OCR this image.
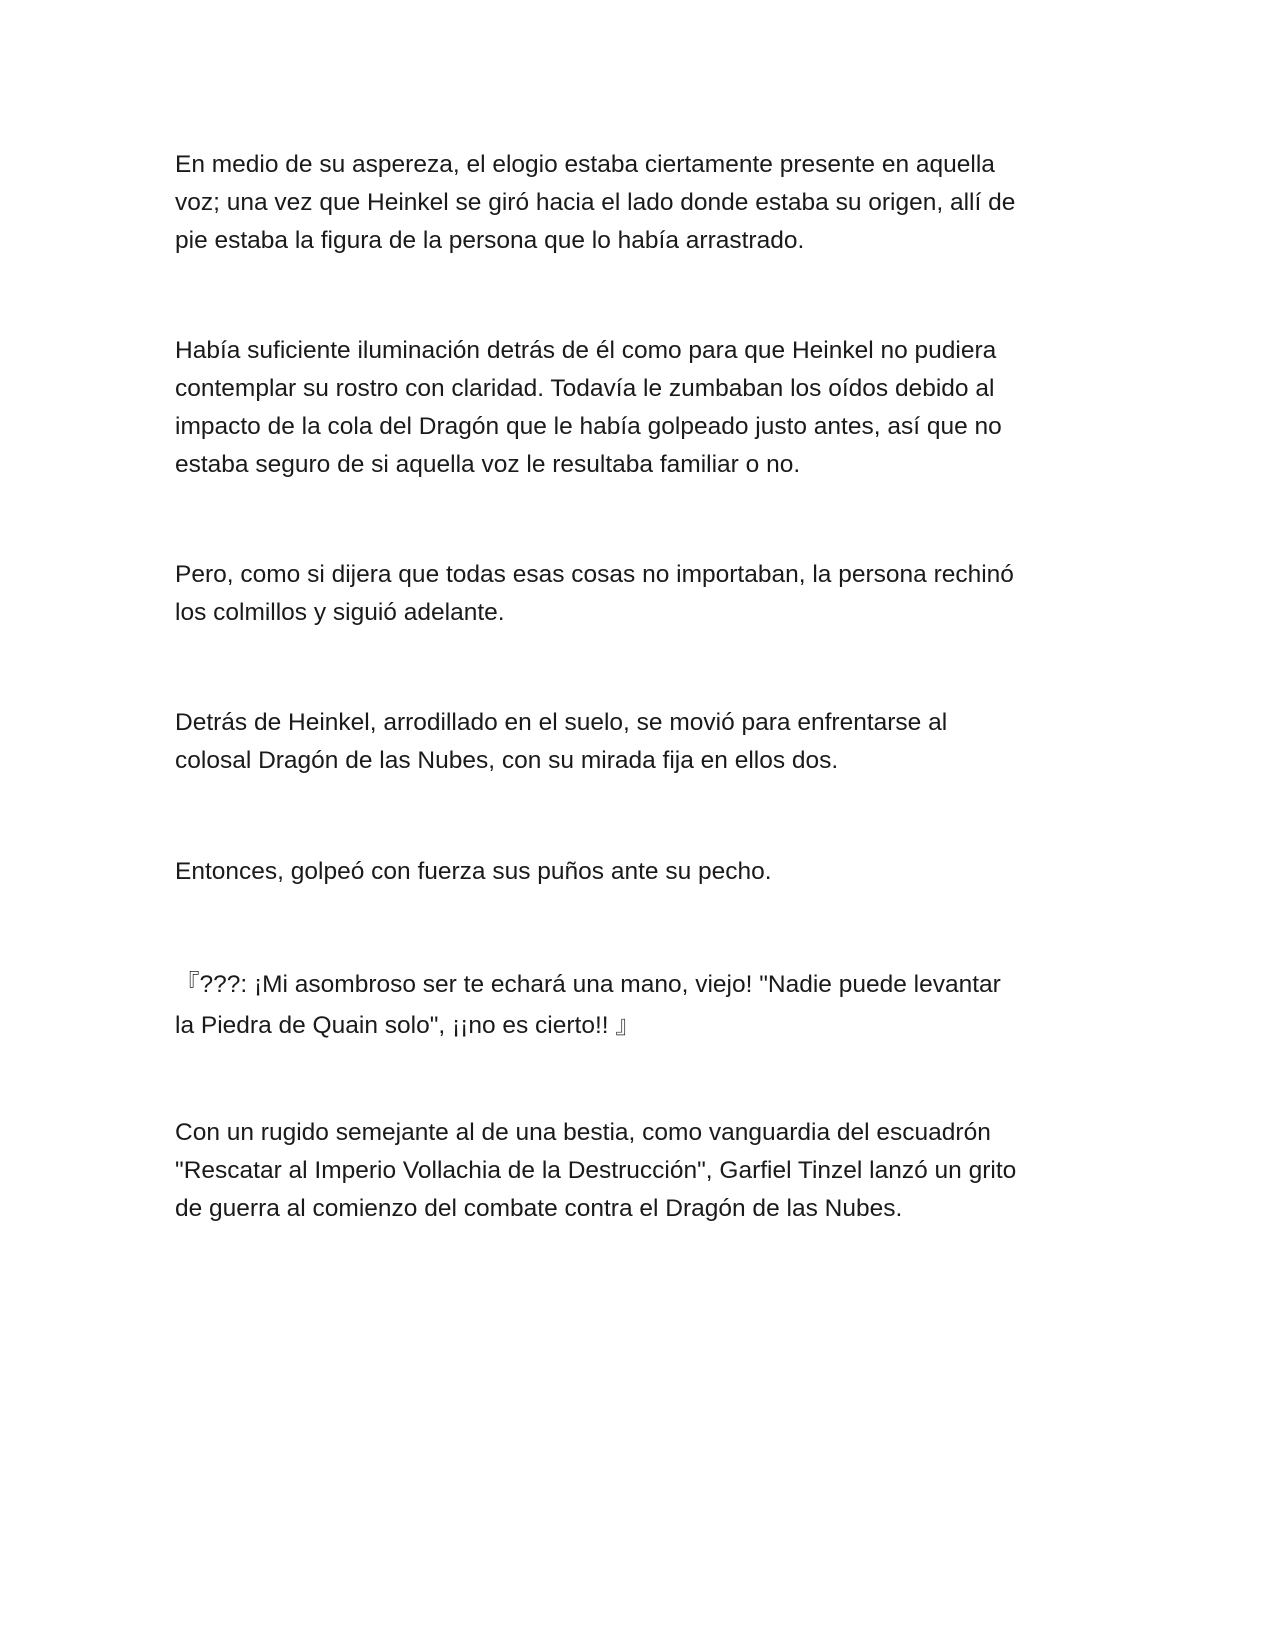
En medio de su aspereza, el elogio estaba ciertamente presente en aquella
voz; una vez que Heinkel se giró hacia el lado donde estaba su origen, allí de
pie estaba la figura de la persona que lo había arrastrado.

Había suficiente iluminación detrás de él como para que Heinkel no pudiera
contemplar su rostro con claridad. Todavía le zumbaban los oídos debido al
impacto de la cola del Dragón que le había golpeado justo antes, así que no
estaba seguro de si aquella voz le resultaba familiar o no.

Pero, como si dijera que todas esas cosas no importaban, la persona rechinó
los colmillos y siguió adelante.

Detrás de Heinkel, arrodillado en el suelo, se movió para enfrentarse al
colosal Dragón de las Nubes, con su mirada fija en ellos dos.

Entonces, golpeó con fuerza sus puños ante su pecho.

『???: ¡Mi asombroso ser te echará una mano, viejo! "Nadie puede levantar
la Piedra de Quain solo", ¡¡no es cierto!! 』

Con un rugido semejante al de una bestia, como vanguardia del escuadrón
"Rescatar al Imperio Vollachia de la Destrucción", Garfiel Tinzel lanzó un grito
de guerra al comienzo del combate contra el Dragón de las Nubes.
